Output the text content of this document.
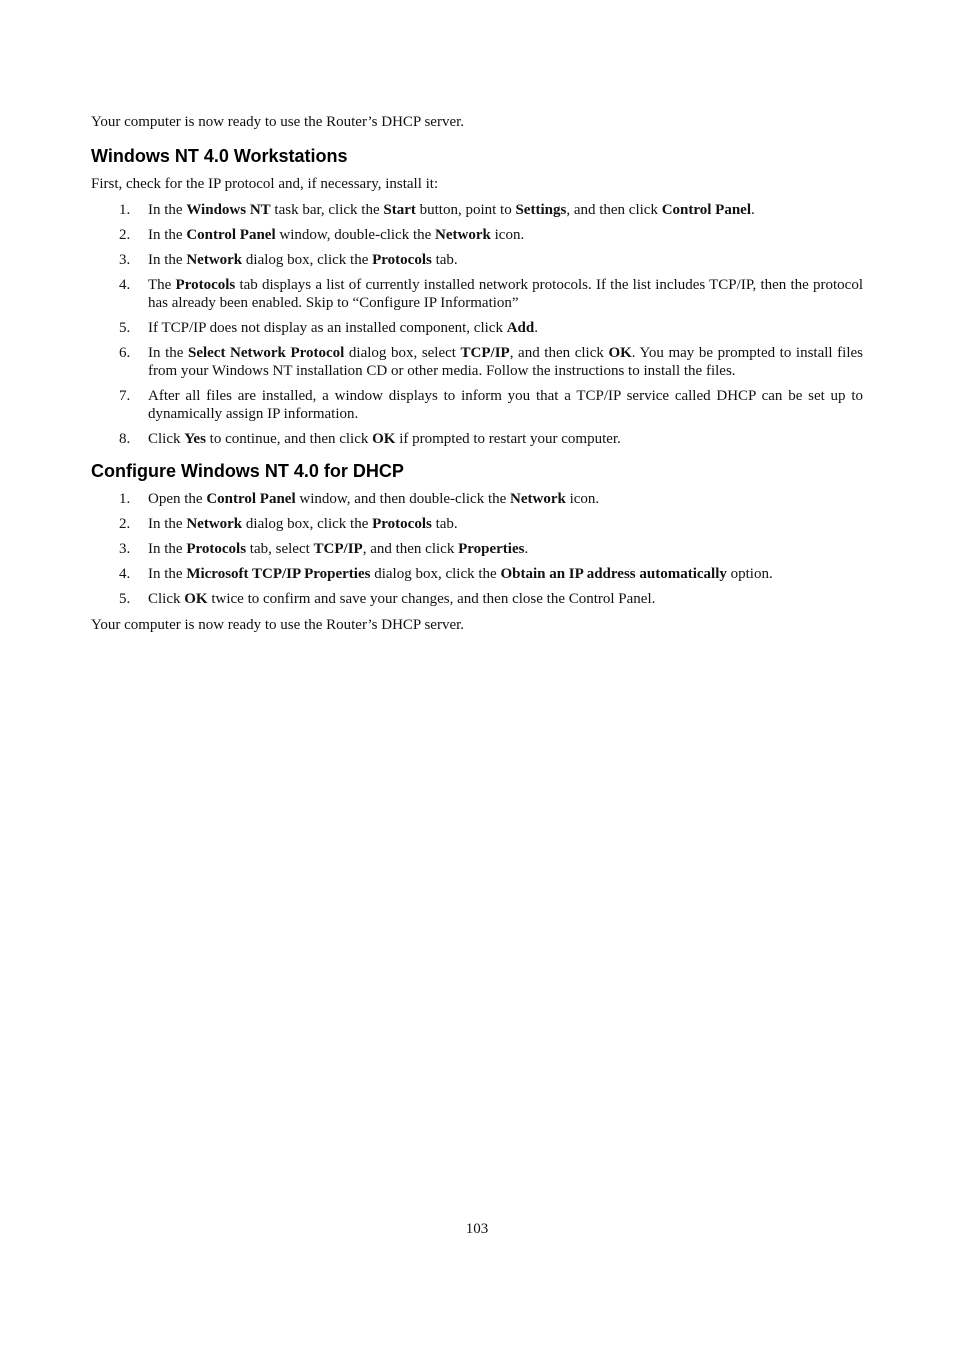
Your computer is now ready to use the Router’s DHCP server.

Windows NT 4.0 Workstations

First, check for the IP protocol and, if necessary, install it:

1. In the Windows NT task bar, click the Start button, point to Settings, and then click Control Panel.
2. In the Control Panel window, double-click the Network icon.
3. In the Network dialog box, click the Protocols tab.
4. The Protocols tab displays a list of currently installed network protocols. If the list includes TCP/IP, then the protocol has already been enabled. Skip to “Configure IP Information”
5. If TCP/IP does not display as an installed component, click Add.
6. In the Select Network Protocol dialog box, select TCP/IP, and then click OK. You may be prompted to install files from your Windows NT installation CD or other media. Follow the instructions to install the files.
7. After all files are installed, a window displays to inform you that a TCP/IP service called DHCP can be set up to dynamically assign IP information.
8. Click Yes to continue, and then click OK if prompted to restart your computer.
Configure Windows NT 4.0 for DHCP
1. Open the Control Panel window, and then double-click the Network icon.
2. In the Network dialog box, click the Protocols tab.
3. In the Protocols tab, select TCP/IP, and then click Properties.
4. In the Microsoft TCP/IP Properties dialog box, click the Obtain an IP address automatically option.
5. Click OK twice to confirm and save your changes, and then close the Control Panel.

Your computer is now ready to use the Router’s DHCP server.

103
